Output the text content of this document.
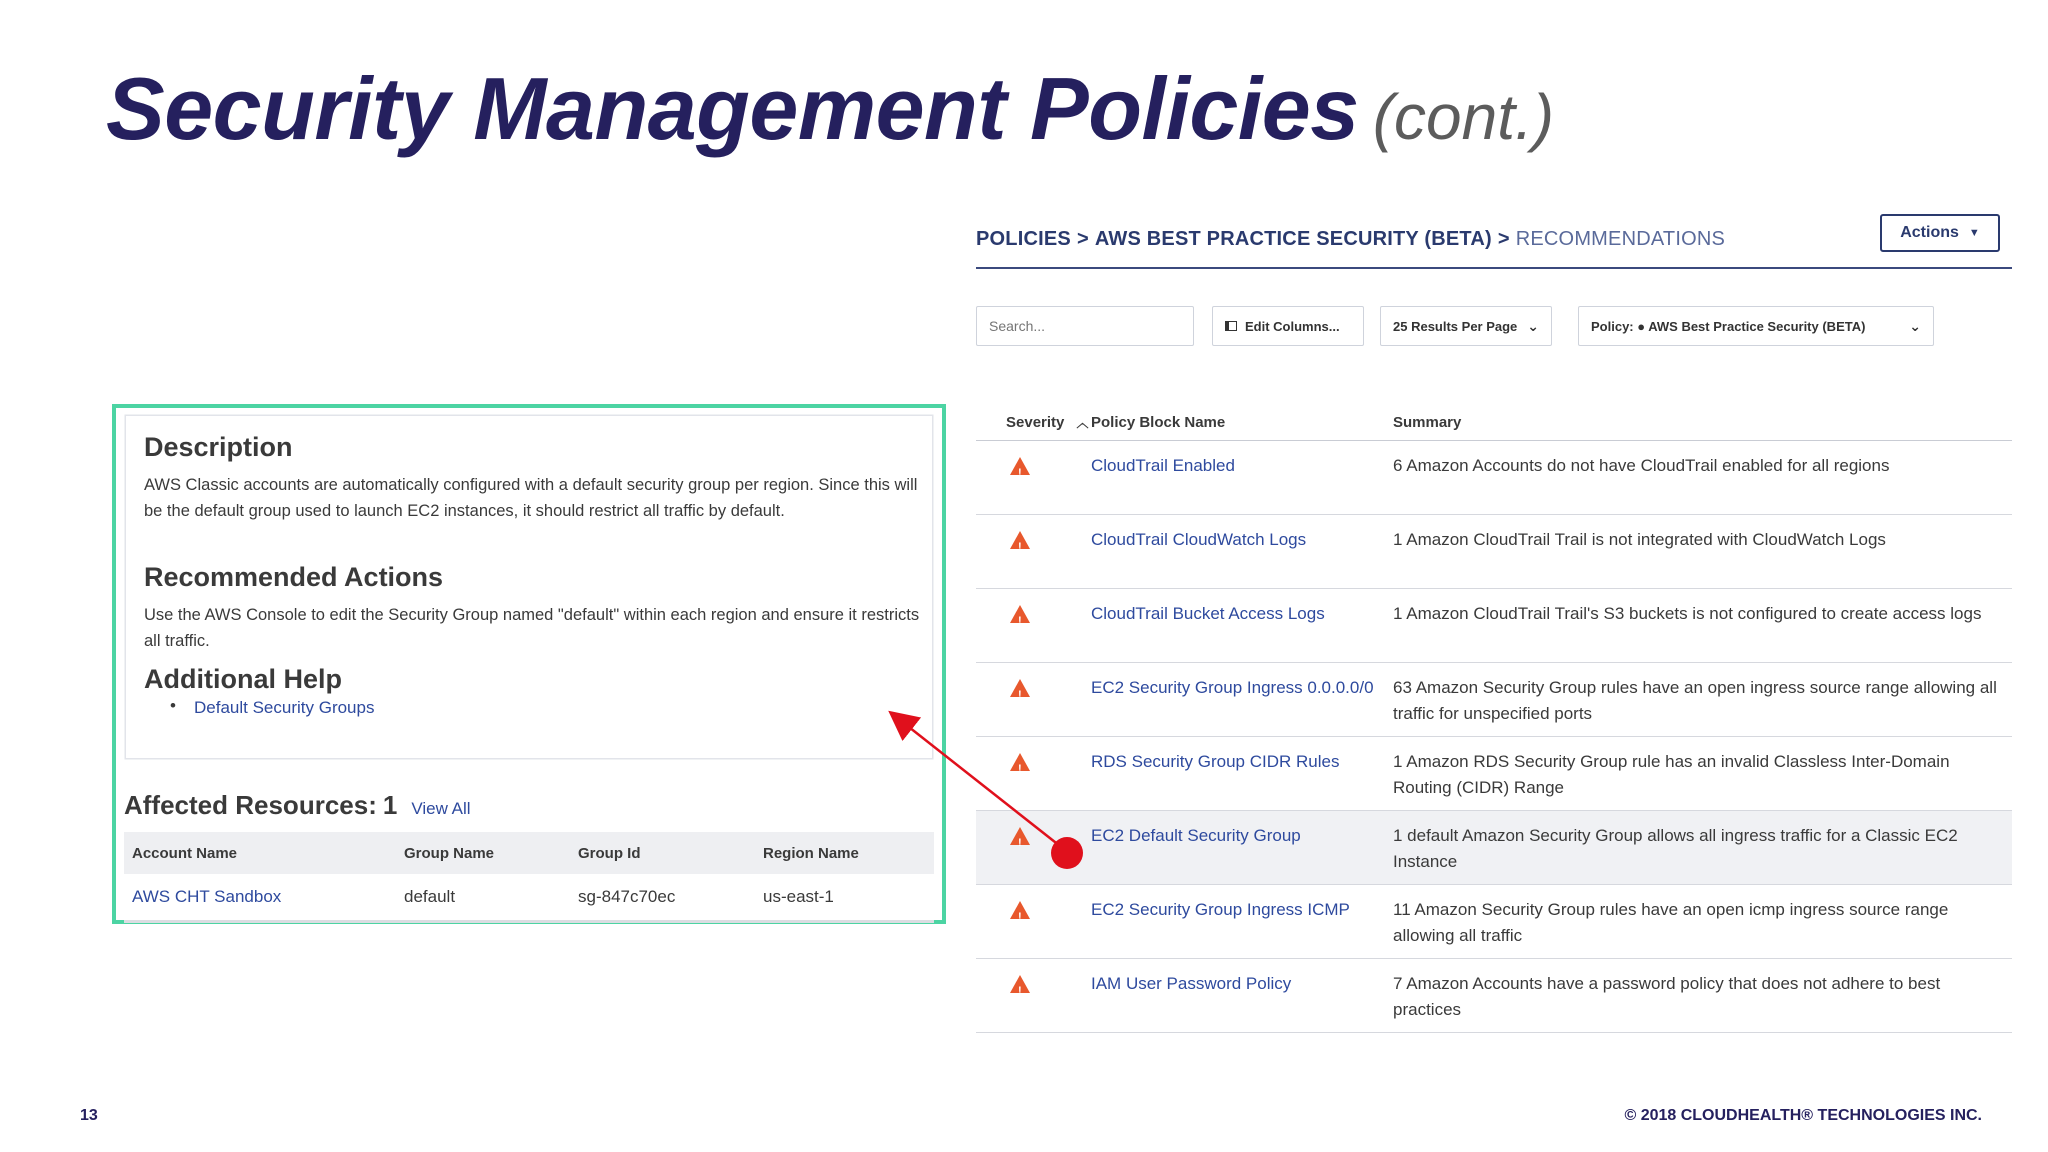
Security Management Policies (cont.)
POLICIES > AWS BEST PRACTICE SECURITY (BETA) > RECOMMENDATIONS	Actions ▼
Search...
Edit Columns...	25 Results Per Page ⌄	Policy: ● AWS Best Practice Security (BETA)	⌄
Severity ︿	Policy Block Name	Summary
!	CloudTrail Enabled	6 Amazon Accounts do not have CloudTrail enabled for all regions
!	CloudTrail CloudWatch Logs	1 Amazon CloudTrail Trail is not integrated with CloudWatch Logs
!	CloudTrail Bucket Access Logs	1 Amazon CloudTrail Trail's S3 buckets is not configured to create access logs
!	EC2 Security Group Ingress 0.0.0.0/0	63 Amazon Security Group rules have an open ingress source range allowing all traffic for unspecified ports
!	RDS Security Group CIDR Rules	1 Amazon RDS Security Group rule has an invalid Classless Inter-Domain Routing (CIDR) Range
!	EC2 Default Security Group	1 default Amazon Security Group allows all ingress traffic for a Classic EC2 Instance
!	EC2 Security Group Ingress ICMP	11 Amazon Security Group rules have an open icmp ingress source range allowing all traffic
!	IAM User Password Policy	7 Amazon Accounts have a password policy that does not adhere to best practices
Description
AWS Classic accounts are automatically configured with a default security group per region. Since this will be the default group used to launch EC2 instances, it should restrict all traffic by default.
Recommended Actions
Use the AWS Console to edit the Security Group named "default" within each region and ensure it restricts all traffic.
Additional Help
• Default Security Groups
Affected Resources: 1 View All
Account Name	Group Name	Group Id	Region Name
AWS CHT Sandbox	default	sg-847c70ec	us-east-1
13	© 2018 CLOUDHEALTH® TECHNOLOGIES INC.
